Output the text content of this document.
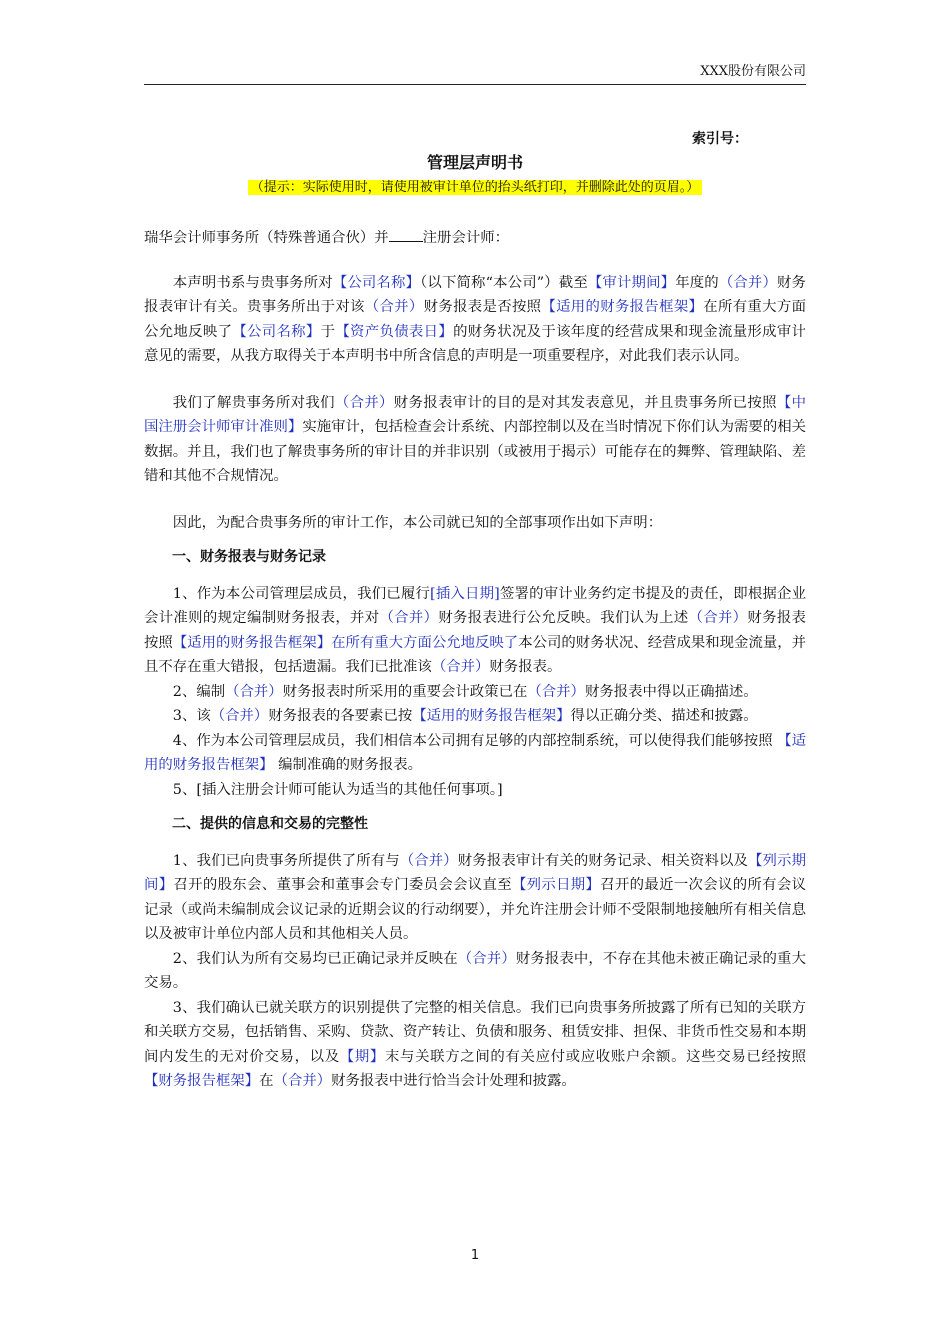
XXX股份有限公司
索引号：
管理层声明书
（提示：实际使用时，请使用被审计单位的抬头纸打印，并删除此处的页眉。）

瑞华会计师事务所（特殊普通合伙）并 注册会计师：

本声明书系与贵事务所对【公司名称】（以下简称“本公司”）截至【审计期间】年度的（合并）财务报表审计有关。贵事务所出于对该（合并）财务报表是否按照【适用的财务报告框架】在所有重大方面公允地反映了【公司名称】于【资产负债表日】的财务状况及于该年度的经营成果和现金流量形成审计意见的需要，从我方取得关于本声明书中所含信息的声明是一项重要程序，对此我们表示认同。

我们了解贵事务所对我们（合并）财务报表审计的目的是对其发表意见，并且贵事务所已按照【中国注册会计师审计准则】实施审计，包括检查会计系统、内部控制以及在当时情况下你们认为需要的相关数据。并且，我们也了解贵事务所的审计目的并非识别（或被用于揭示）可能存在的舞弊、管理缺陷、差错和其他不合规情况。

因此，为配合贵事务所的审计工作，本公司就已知的全部事项作出如下声明：

一、财务报表与财务记录

1、作为本公司管理层成员，我们已履行[插入日期]签署的审计业务约定书提及的责任，即根据企业会计准则的规定编制财务报表，并对（合并）财务报表进行公允反映。我们认为上述（合并）财务报表按照【适用的财务报告框架】在所有重大方面公允地反映了本公司的财务状况、经营成果和现金流量，并且不存在重大错报，包括遗漏。我们已批准该（合并）财务报表。

2、编制（合并）财务报表时所采用的重要会计政策已在（合并）财务报表中得以正确描述。

3、该（合并）财务报表的各要素已按【适用的财务报告框架】得以正确分类、描述和披露。

4、作为本公司管理层成员，我们相信本公司拥有足够的内部控制系统，可以使得我们能够按照 【适用的财务报告框架】 编制准确的财务报表。

5、[插入注册会计师可能认为适当的其他任何事项。]

二、提供的信息和交易的完整性

1、我们已向贵事务所提供了所有与（合并）财务报表审计有关的财务记录、相关资料以及【列示期间】召开的股东会、董事会和董事会专门委员会会议直至【列示日期】召开的最近一次会议的所有会议记录（或尚未编制成会议记录的近期会议的行动纲要），并允许注册会计师不受限制地接触所有相关信息以及被审计单位内部人员和其他相关人员。

2、我们认为所有交易均已正确记录并反映在（合并）财务报表中，不存在其他未被正确记录的重大交易。

3、我们确认已就关联方的识别提供了完整的相关信息。我们已向贵事务所披露了所有已知的关联方和关联方交易，包括销售、采购、贷款、资产转让、负债和服务、租赁安排、担保、非货币性交易和本期间内发生的无对价交易，以及【期】末与关联方之间的有关应付或应收账户余额。这些交易已经按照【财务报告框架】在（合并）财务报表中进行恰当会计处理和披露。

1
